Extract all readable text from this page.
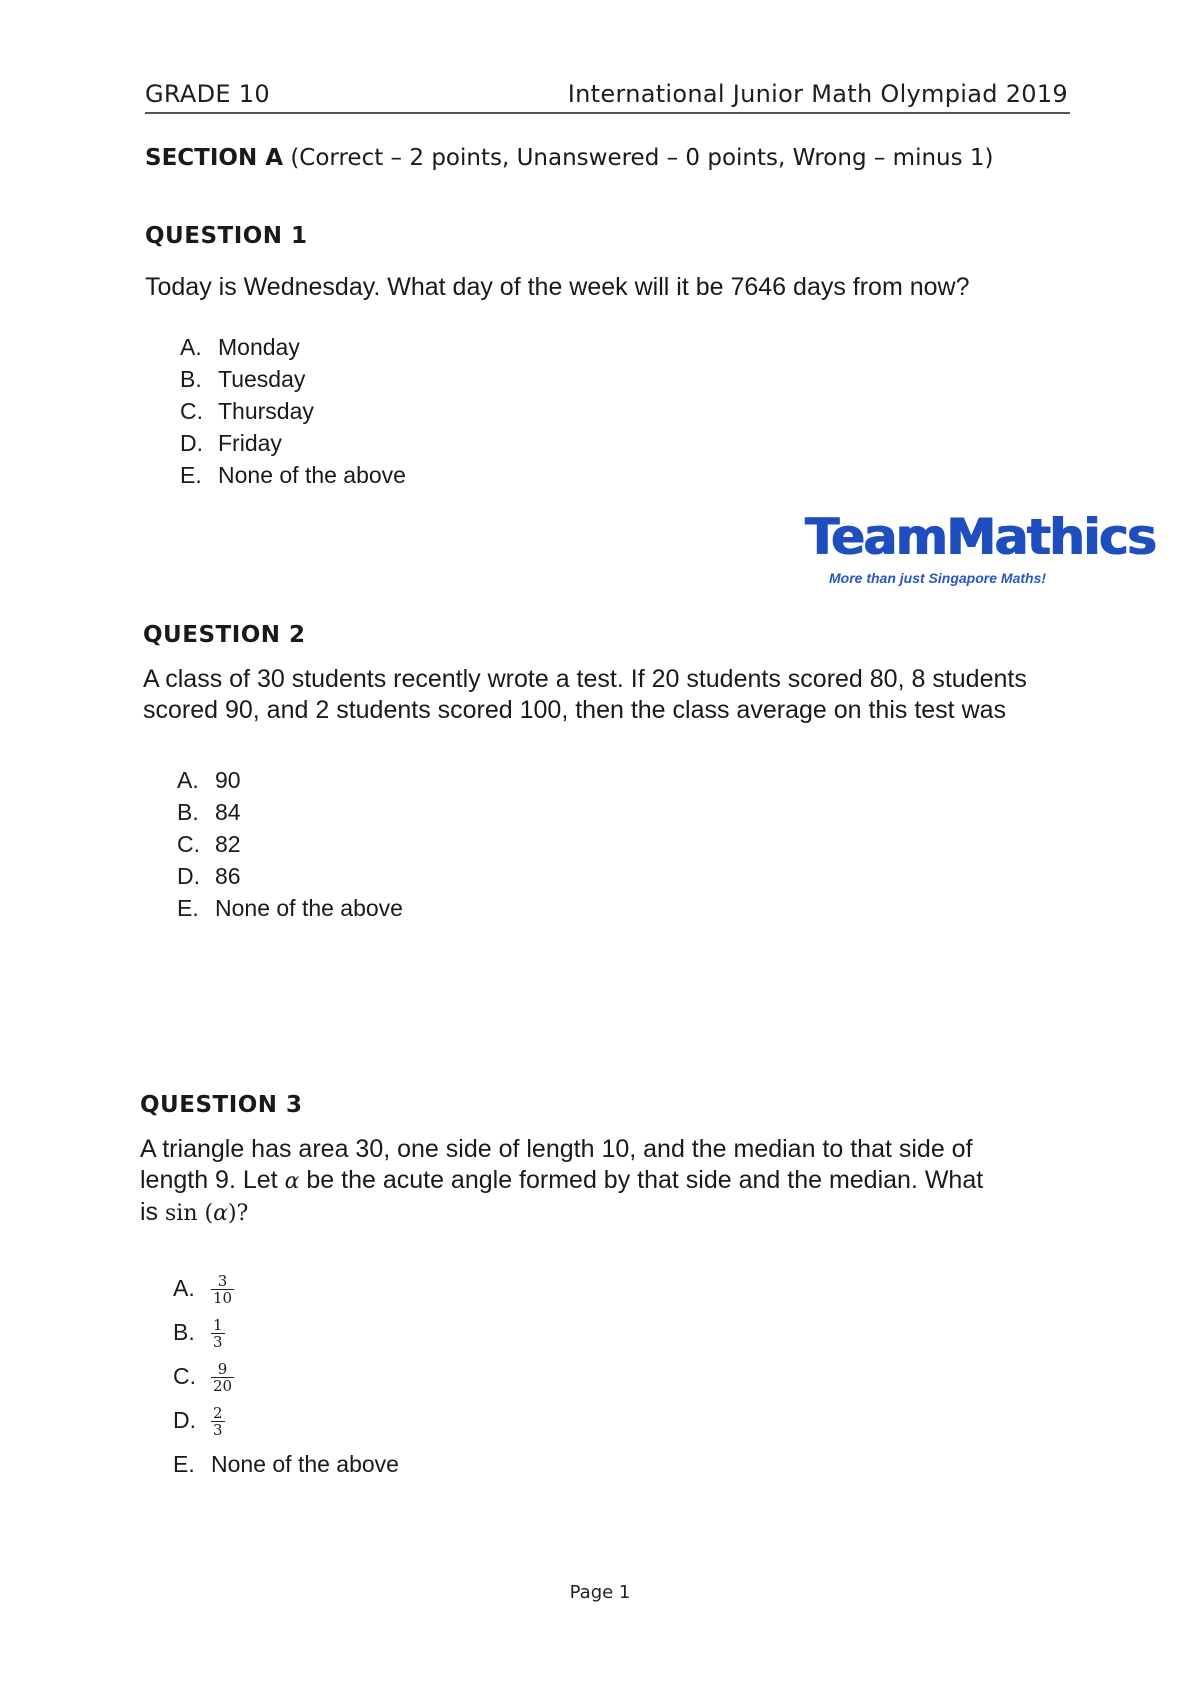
GRADE 10	International Junior Math Olympiad 2019
SECTION A (Correct – 2 points, Unanswered – 0 points, Wrong – minus 1)
QUESTION 1
Today is Wednesday. What day of the week will it be 7646 days from now?
A. Monday
B. Tuesday
C. Thursday
D. Friday
E. None of the above
TeamMathics
More than just Singapore Maths!
QUESTION 2
A class of 30 students recently wrote a test. If 20 students scored 80, 8 students
scored 90, and 2 students scored 100, then the class average on this test was
A. 90
B. 84
C. 82
D. 86
E. None of the above
QUESTION 3
A triangle has area 30, one side of length 10, and the median to that side of
length 9. Let α be the acute angle formed by that side and the median. What
is sin (α)?
A. $\frac{3}{10}$
B. $\frac{1}{3}$
C. $\frac{9}{20}$
D. $\frac{2}{3}$
E. None of the above
Page 1
